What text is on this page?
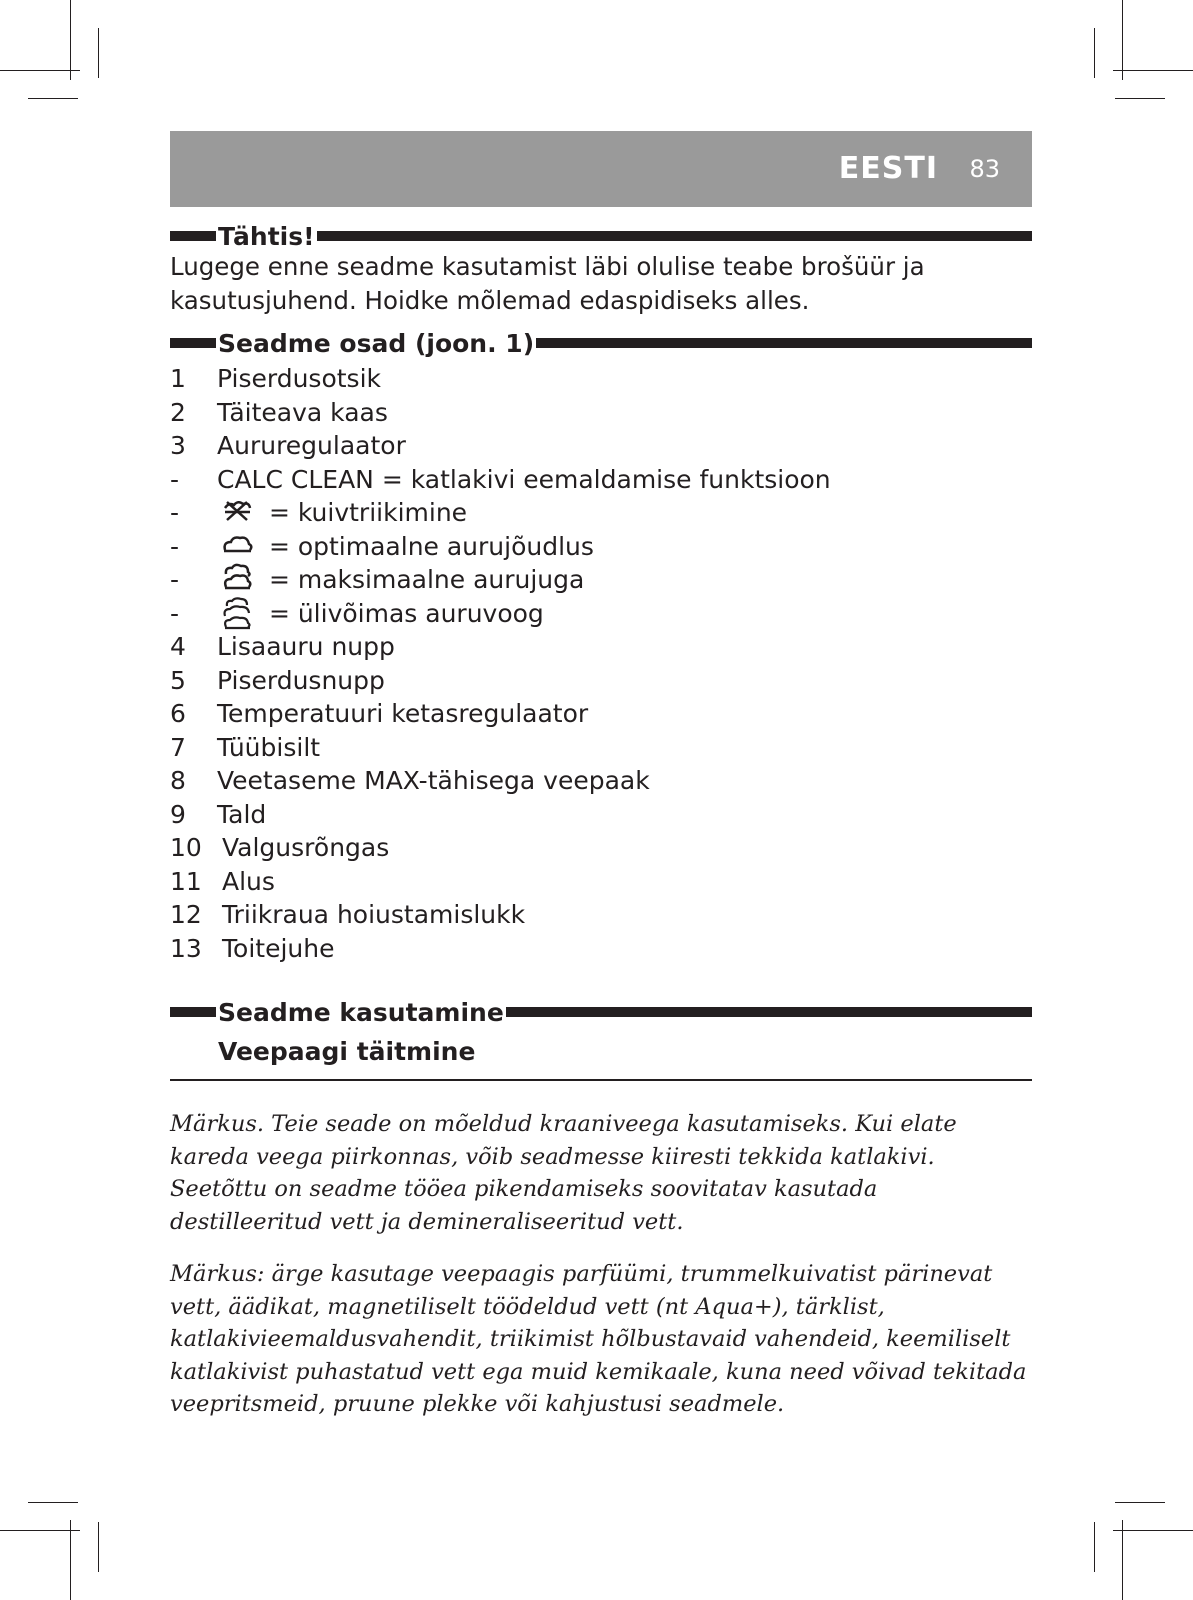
EESTI 83
Tähtis!
Lugege enne seadme kasutamist läbi olulise teabe brošüür ja kasutusjuhend. Hoidke mõlemad edaspidiseks alles.
Seadme osad (joon. 1)
1 Piserdusotsik
2 Täiteava kaas
3 Aururegulaator
- CALC CLEAN = katlakivi eemaldamise funktsioon
-	= kuivtriikimine
-	= optimaalne aurujõudlus
-	= maksimaalne aurujuga
-	= ülivõimas auruvoog
4 Lisaauru nupp
5 Piserdusnupp
6 Temperatuuri ketasregulaator
7 Tüübisilt
8 Veetaseme MAX-tähisega veepaak
9 Tald
10 Valgusrõngas
11 Alus
12 Triikraua hoiustamislukk
13 Toitejuhe
Seadme kasutamine
Veepaagi täitmine
Märkus. Teie seade on mõeldud kraaniveega kasutamiseks. Kui elate kareda veega piirkonnas, võib seadmesse kiiresti tekkida katlakivi. Seetõttu on seadme tööea pikendamiseks soovitatav kasutada destilleeritud vett ja demineraliseeritud vett.
Märkus: ärge kasutage veepaagis parfüümi, trummelkuivatist pärinevat vett, äädikat, magnetiliselt töödeldud vett (nt Aqua+), tärklist, katlakivieemaldusvahendit, triikimist hõlbustavaid vahendeid, keemiliselt katlakivist puhastatud vett ega muid kemikaale, kuna need võivad tekitada veepritsmeid, pruune plekke või kahjustusi seadmele.
